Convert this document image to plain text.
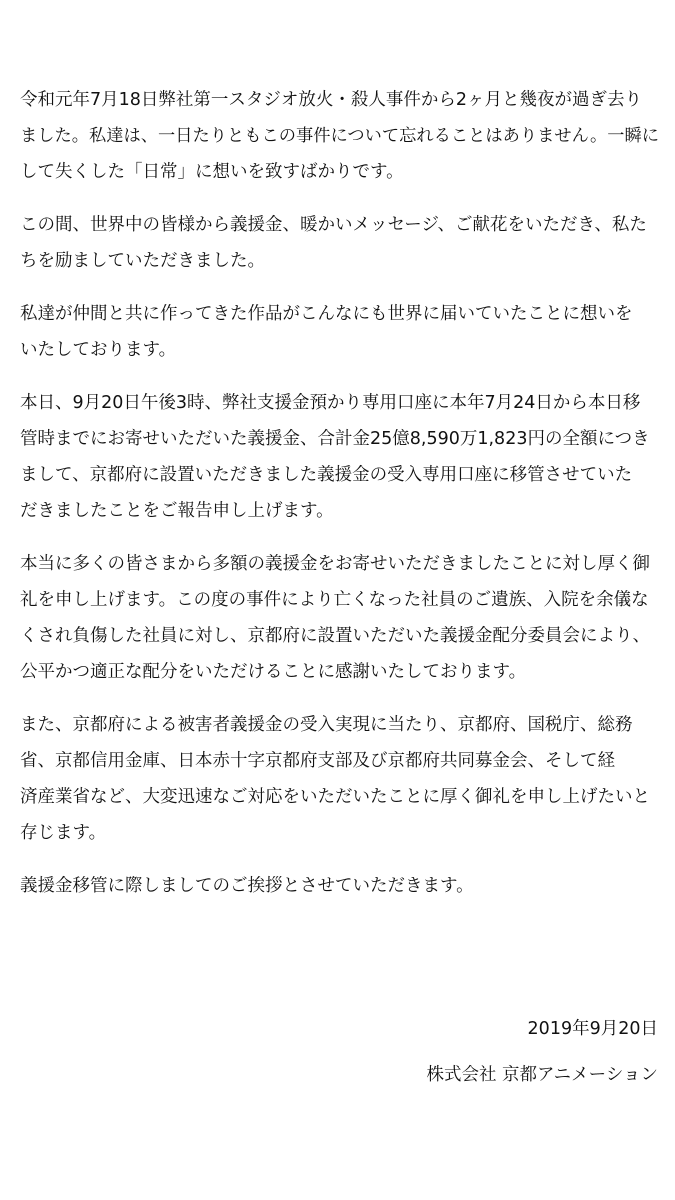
令和元年7月18日弊社第一スタジオ放火・殺人事件から2ヶ月と幾夜が過ぎ去り
ました。私達は、一日たりともこの事件について忘れることはありません。一瞬に
して失くした「日常」に想いを致すばかりです。
この間、世界中の皆様から義援金、暖かいメッセージ、ご献花をいただき、私た
ちを励ましていただきました。
私達が仲間と共に作ってきた作品がこんなにも世界に届いていたことに想いを
いたしております。
本日、9月20日午後3時、弊社支援金預かり専用口座に本年7月24日から本日移
管時までにお寄せいただいた義援金、合計金25億8,590万1,823円の全額につき
まして、京都府に設置いただきました義援金の受入専用口座に移管させていた
だきましたことをご報告申し上げます。
本当に多くの皆さまから多額の義援金をお寄せいただきましたことに対し厚く御
礼を申し上げます。この度の事件により亡くなった社員のご遺族、入院を余儀な
くされ負傷した社員に対し、京都府に設置いただいた義援金配分委員会により、
公平かつ適正な配分をいただけることに感謝いたしております。
また、京都府による被害者義援金の受入実現に当たり、京都府、国税庁、総務
省、京都信用金庫、日本赤十字京都府支部及び京都府共同募金会、そして経
済産業省など、大変迅速なご対応をいただいたことに厚く御礼を申し上げたいと
存じます。
義援金移管に際しましてのご挨拶とさせていただきます。
2019年9月20日
株式会社 京都アニメーション
